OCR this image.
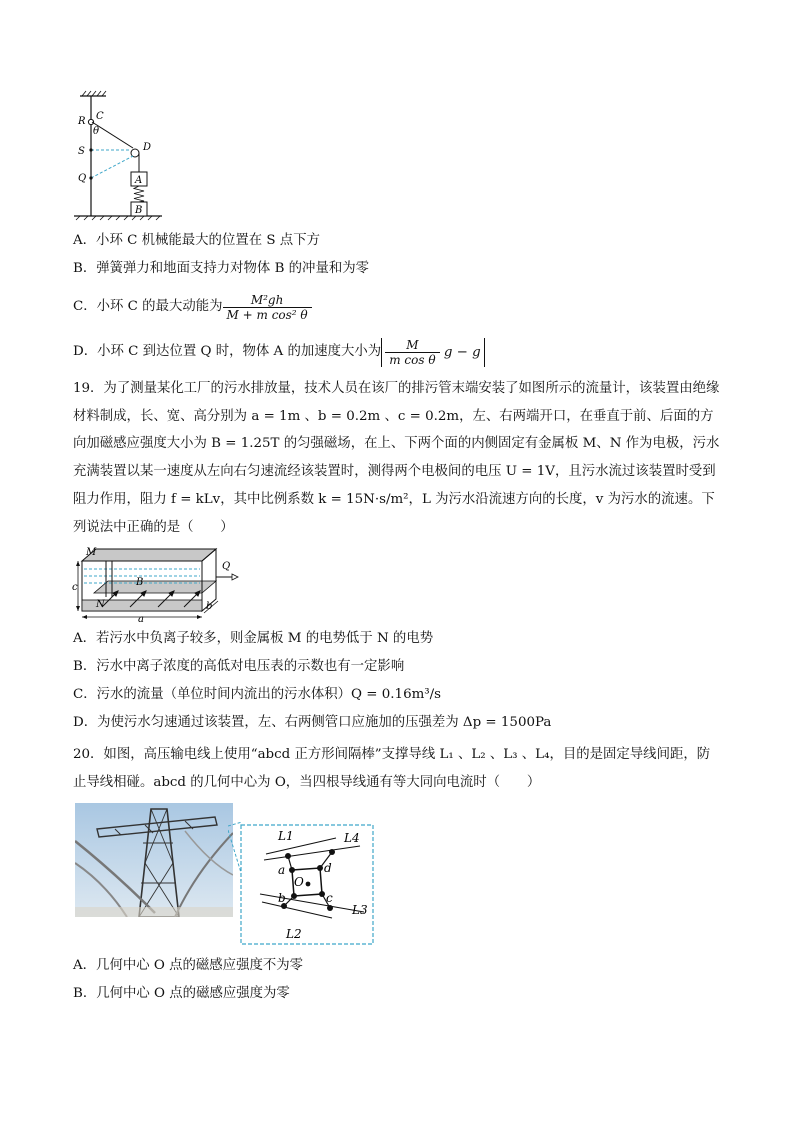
R C
θ
D
S
Q	A
B
A．小环 C 机械能最大的位置在 S 点下方
B．弹簧弹力和地面支持力对物体 B 的冲量和为零
C．小环 C 的最大动能为 $\frac{\text{M²gh}}{\text{M + m cos² θ}}$
D．小环 C 到达位置 Q 时，物体 A 的加速度大小为 $\frac{M}{\text{m cos θ}}$ g − g

19．为了测量某化工厂的污水排放量，技术人员在该厂的排污管末端安装了如图所示的流量计，该装置由绝缘材料制成，长、宽、高分别为 a = 1m 、b = 0.2m 、c = 0.2m，左、右两端开口，在垂直于前、后面的方向加磁感应强度大小为 B = 1.25T 的匀强磁场，在上、下两个面的内侧固定有金属板 M、N 作为电极，污水充满装置以某一速度从左向右匀速流经该装置时，测得两个电极间的电压 U = 1V，且污水流过该装置时受到阻力作用，阻力 f = kLv，其中比例系数 k = 15N·s/m²，L 为污水沿流速方向的长度，v 为污水的流速。下列说法中正确的是（　　）

M
N
B
Q
a
b
c
A．若污水中负离子较多，则金属板 M 的电势低于 N 的电势
B．污水中离子浓度的高低对电压表的示数也有一定影响
C．污水的流量（单位时间内流出的污水体积）Q = 0.16m³/s
D．为使污水匀速通过该装置，左、右两侧管口应施加的压强差为 Δp = 1500Pa

20．如图，高压输电线上使用“abcd 正方形间隔棒”支撑导线 L₁ 、L₂ 、L₃ 、L₄，目的是固定导线间距，防止导线相碰。abcd 的几何中心为 O，当四根导线通有等大同向电流时（　　）

L1	L4
a	d
O
b	c
L3
L2
A．几何中心 O 点的磁感应强度不为零
B．几何中心 O 点的磁感应强度为零
